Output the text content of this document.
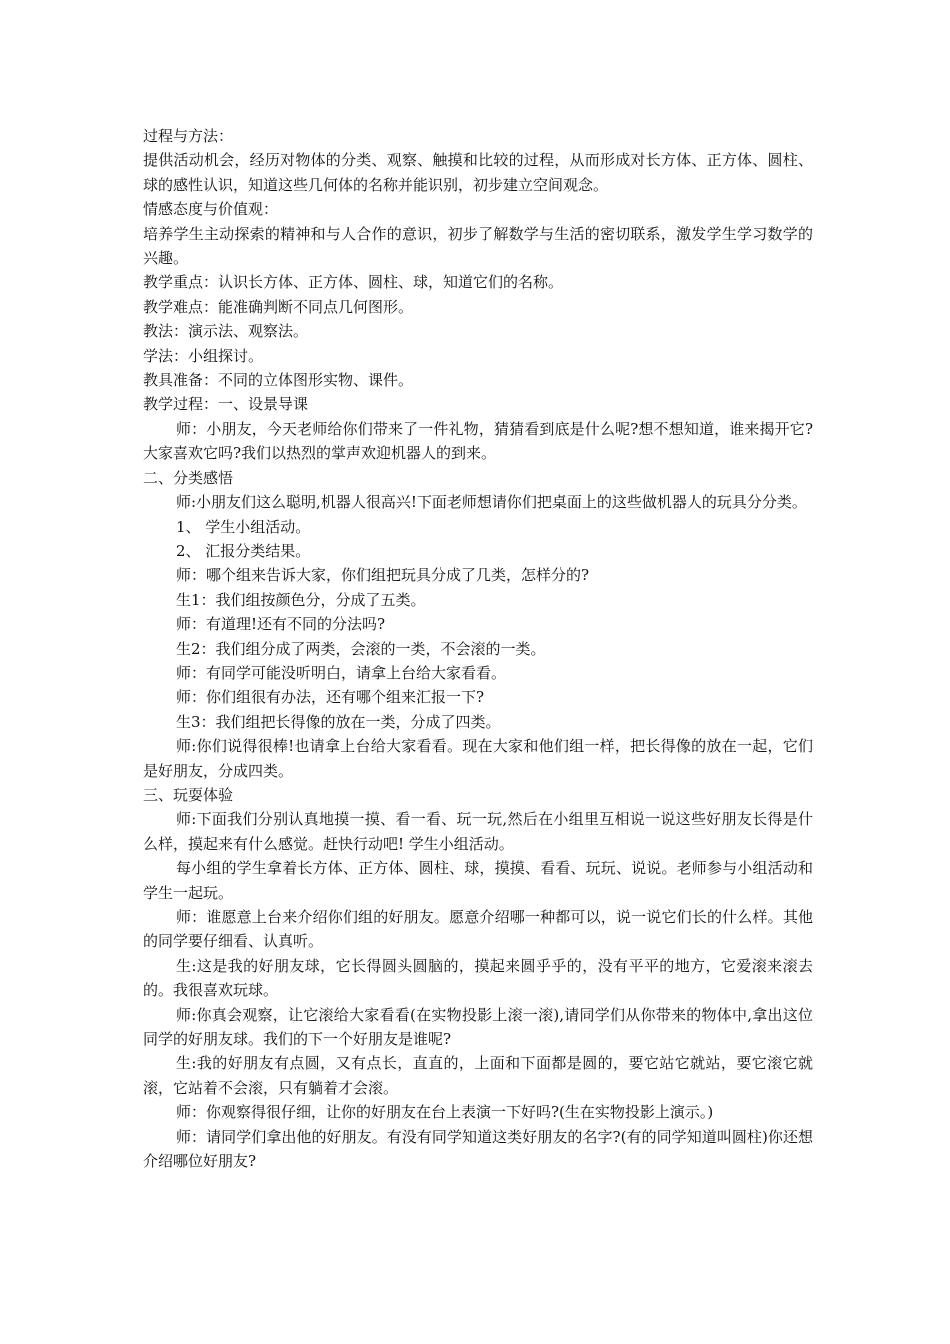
过程与方法：

提供活动机会，经历对物体的分类、观察、触摸和比较的过程，从而形成对长方体、正方体、圆柱、球的感性认识，知道这些几何体的名称并能识别，初步建立空间观念。

情感态度与价值观：

培养学生主动探索的精神和与人合作的意识，初步了解数学与生活的密切联系，激发学生学习数学的兴趣。

教学重点：认识长方体、正方体、圆柱、球，知道它们的名称。

教学难点：能准确判断不同点几何图形。

教法：演示法、观察法。

学法：小组探讨。

教具准备：不同的立体图形实物、课件。

教学过程：一、设景导课

师：小朋友，今天老师给你们带来了一件礼物，猜猜看到底是什么呢?想不想知道，谁来揭开它?大家喜欢它吗?我们以热烈的掌声欢迎机器人的到来。

二、分类感悟

师:小朋友们这么聪明,机器人很高兴!下面老师想请你们把桌面上的这些做机器人的玩具分分类。

1、 学生小组活动。

2、 汇报分类结果。

师：哪个组来告诉大家，你们组把玩具分成了几类，怎样分的?

生1：我们组按颜色分，分成了五类。

师：有道理!还有不同的分法吗?

生2：我们组分成了两类，会滚的一类，不会滚的一类。

师：有同学可能没听明白，请拿上台给大家看看。

师：你们组很有办法，还有哪个组来汇报一下?

生3：我们组把长得像的放在一类，分成了四类。

师:你们说得很棒!也请拿上台给大家看看。现在大家和他们组一样，把长得像的放在一起，它们是好朋友，分成四类。

三、玩耍体验

师:下面我们分别认真地摸一摸、看一看、玩一玩,然后在小组里互相说一说这些好朋友长得是什么样，摸起来有什么感觉。赶快行动吧! 学生小组活动。

每小组的学生拿着长方体、正方体、圆柱、球，摸摸、看看、玩玩、说说。老师参与小组活动和学生一起玩。

师：谁愿意上台来介绍你们组的好朋友。愿意介绍哪一种都可以，说一说它们长的什么样。其他的同学要仔细看、认真听。

生:这是我的好朋友球，它长得圆头圆脑的，摸起来圆乎乎的，没有平平的地方，它爱滚来滚去的。我很喜欢玩球。

师:你真会观察，让它滚给大家看看(在实物投影上滚一滚),请同学们从你带来的物体中,拿出这位同学的好朋友球。我们的下一个好朋友是谁呢?

生:我的好朋友有点圆，又有点长，直直的，上面和下面都是圆的，要它站它就站，要它滚它就滚，它站着不会滚，只有躺着才会滚。

师：你观察得很仔细，让你的好朋友在台上表演一下好吗?(生在实物投影上演示。)

师：请同学们拿出他的好朋友。有没有同学知道这类好朋友的名字?(有的同学知道叫圆柱)你还想介绍哪位好朋友?
